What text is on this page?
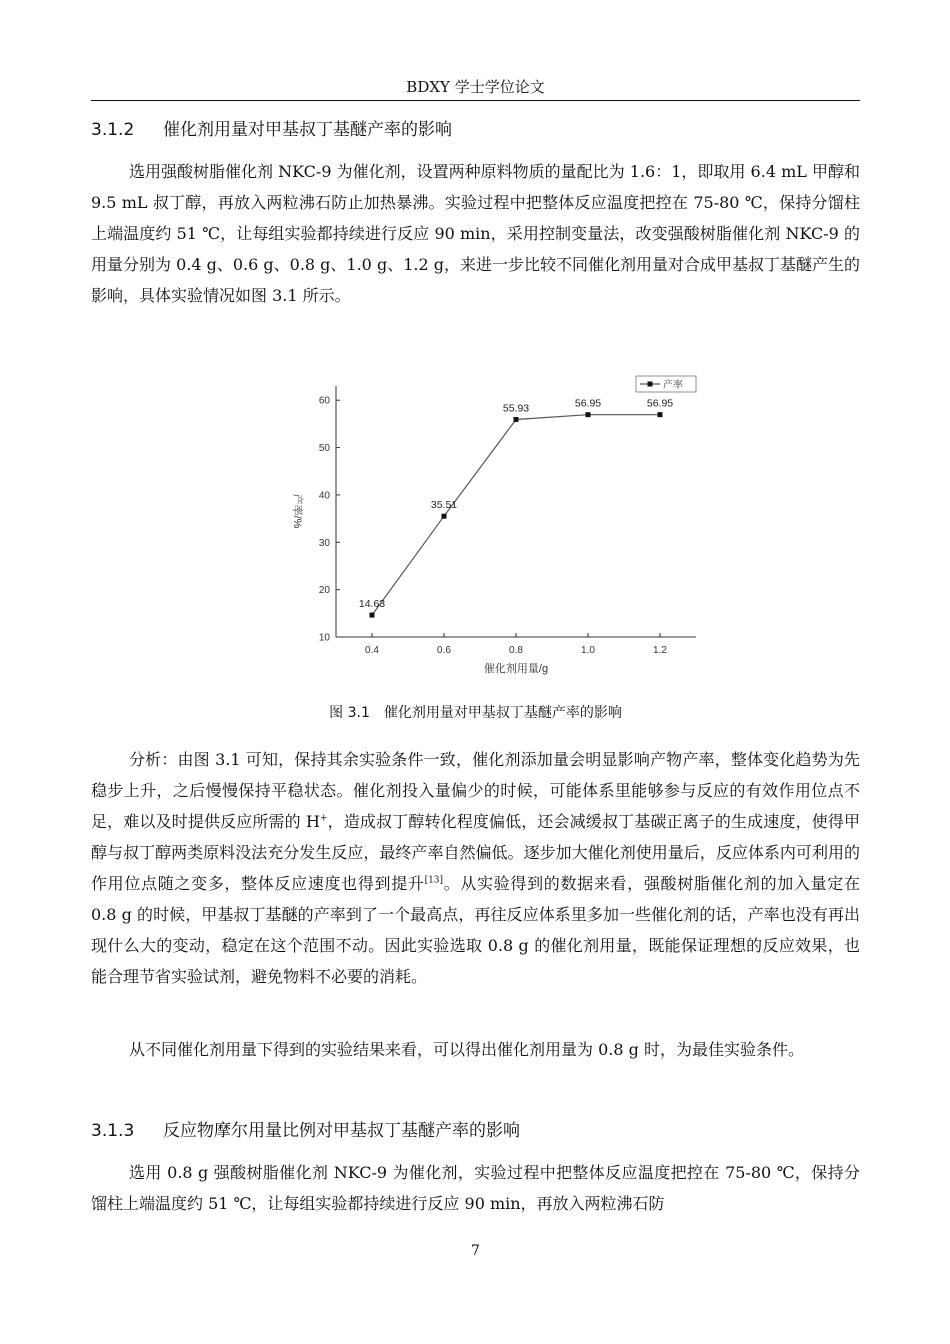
BDXY 学士学位论文
3.1.2 催化剂用量对甲基叔丁基醚产率的影响

选用强酸树脂催化剂 NKC-9 为催化剂，设置两种原料物质的量配比为 1.6：1，即取用 6.4 mL 甲醇和 9.5 mL 叔丁醇，再放入两粒沸石防止加热暴沸。实验过程中把整体反应温度把控在 75-80 ℃，保持分馏柱上端温度约 51 ℃，让每组实验都持续进行反应 90 min，采用控制变量法，改变强酸树脂催化剂 NKC-9 的用量分别为 0.4 g、0.6 g、0.8 g、1.0 g、1.2 g，来进一步比较不同催化剂用量对合成甲基叔丁基醚产生的影响，具体实验情况如图 3.1 所示。

10
20
30
40
50
60
0.4	0.6	0.8	1.0	1.2
14.63
35.51
55.93	56.95	56.95
催化剂用量/g
产率/%
产率
图 3.1　催化剂用量对甲基叔丁基醚产率的影响

分析：由图 3.1 可知，保持其余实验条件一致，催化剂添加量会明显影响产物产率，整体变化趋势为先稳步上升，之后慢慢保持平稳状态。催化剂投入量偏少的时候，可能体系里能够参与反应的有效作用位点不足，难以及时提供反应所需的 H+，造成叔丁醇转化程度偏低，还会减缓叔丁基碳正离子的生成速度，使得甲醇与叔丁醇两类原料没法充分发生反应，最终产率自然偏低。逐步加大催化剂使用量后，反应体系内可利用的作用位点随之变多，整体反应速度也得到提升[13]。从实验得到的数据来看，强酸树脂催化剂的加入量定在 0.8 g 的时候，甲基叔丁基醚的产率到了一个最高点，再往反应体系里多加一些催化剂的话，产率也没有再出现什么大的变动，稳定在这个范围不动。因此实验选取 0.8 g 的催化剂用量，既能保证理想的反应效果，也能合理节省实验试剂，避免物料不必要的消耗。

从不同催化剂用量下得到的实验结果来看，可以得出催化剂用量为 0.8 g 时，为最佳实验条件。

3.1.3 反应物摩尔用量比例对甲基叔丁基醚产率的影响

选用 0.8 g 强酸树脂催化剂 NKC-9 为催化剂，实验过程中把整体反应温度把控在 75-80 ℃，保持分馏柱上端温度约 51 ℃，让每组实验都持续进行反应 90 min，再放入两粒沸石防

7
